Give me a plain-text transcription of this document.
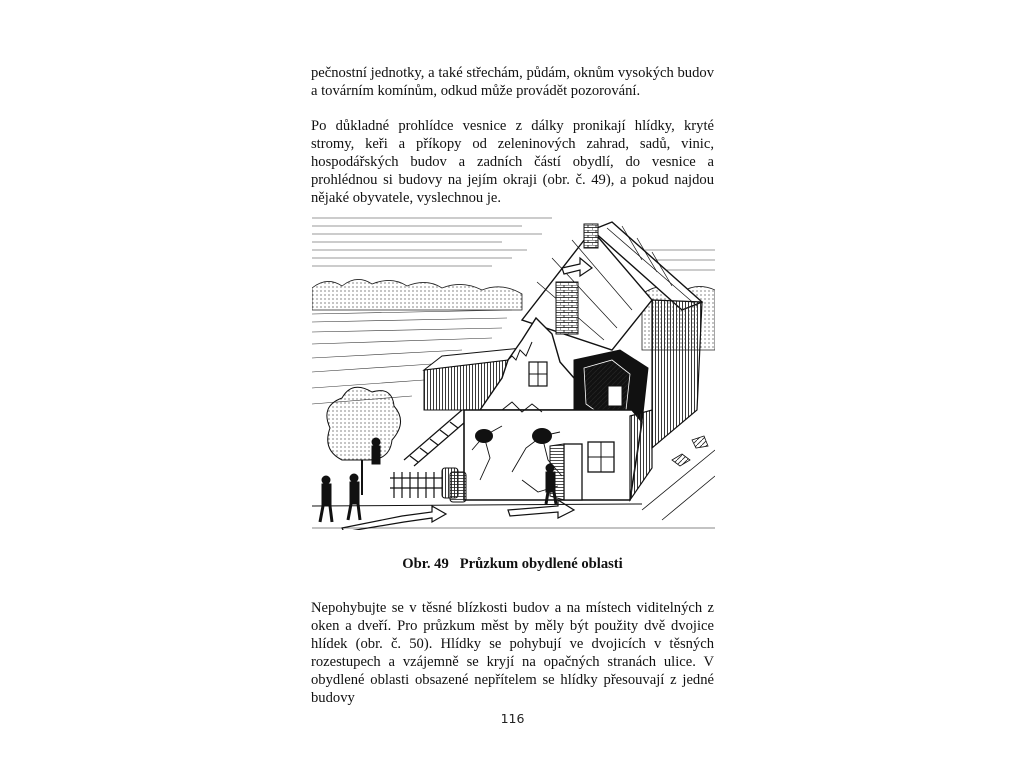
pečnostní jednotky, a také střechám, půdám, oknům vysokých budov a továrním komínům, odkud může provádět pozorování.

Po důkladné prohlídce vesnice z dálky pronikají hlídky, kryté stromy, keři a příkopy od zeleninových zahrad, sadů, vinic, hospodářských budov a zadních částí obydlí, do vesnice a prohlédnou si budovy na jejím okraji (obr. č. 49), a pokud najdou nějaké obyvatele, vyslechnou je.

Obr. 49   Průzkum obydlené oblasti

Nepohybujte se v těsné blízkosti budov a na místech viditelných z oken a dveří. Pro průzkum měst by měly být použity dvě dvojice hlídek (obr. č. 50). Hlídky se pohybují ve dvojicích v těsných rozestupech a vzájemně se kryjí na opačných stranách ulice. V obydlené oblasti obsazené nepřítelem se hlídky přesouvají z jedné budovy

116
